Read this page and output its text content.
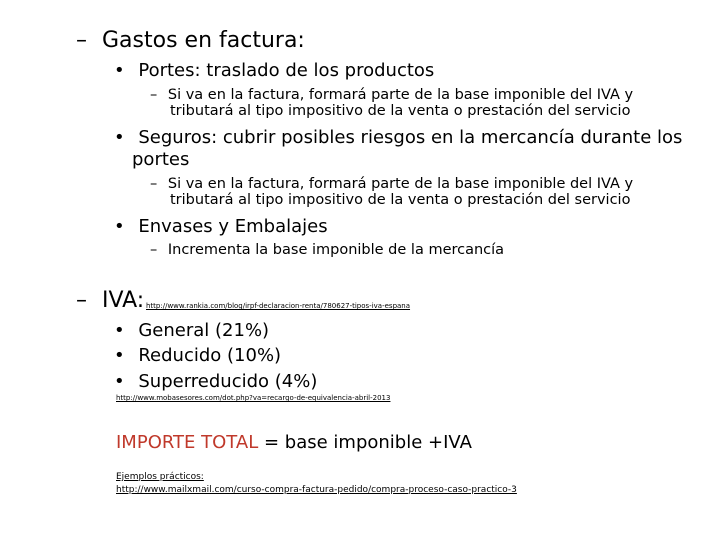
– Gastos en factura:
• Portes: traslado de los productos
– Si va en la factura, formará parte de la base imponible del IVA y
tributará al tipo impositivo de la venta o prestación del servicio
• Seguros: cubrir posibles riesgos en la mercancía durante los
portes
– Si va en la factura, formará parte de la base imponible del IVA y
tributará al tipo impositivo de la venta o prestación del servicio
• Envases y Embalajes
– Incrementa la base imponible de la mercancía
– IVA: http://www.rankia.com/blog/irpf-declaracion-renta/780627-tipos-iva-espana
• General (21%)
• Reducido (10%)
• Superreducido (4%)
http://www.mobasesores.com/dot.php?va=recargo-de-equivalencia-abril-2013
IMPORTE TOTAL = base imponible +IVA
Ejemplos prácticos:
http://www.mailxmail.com/curso-compra-factura-pedido/compra-proceso-caso-practico-3
